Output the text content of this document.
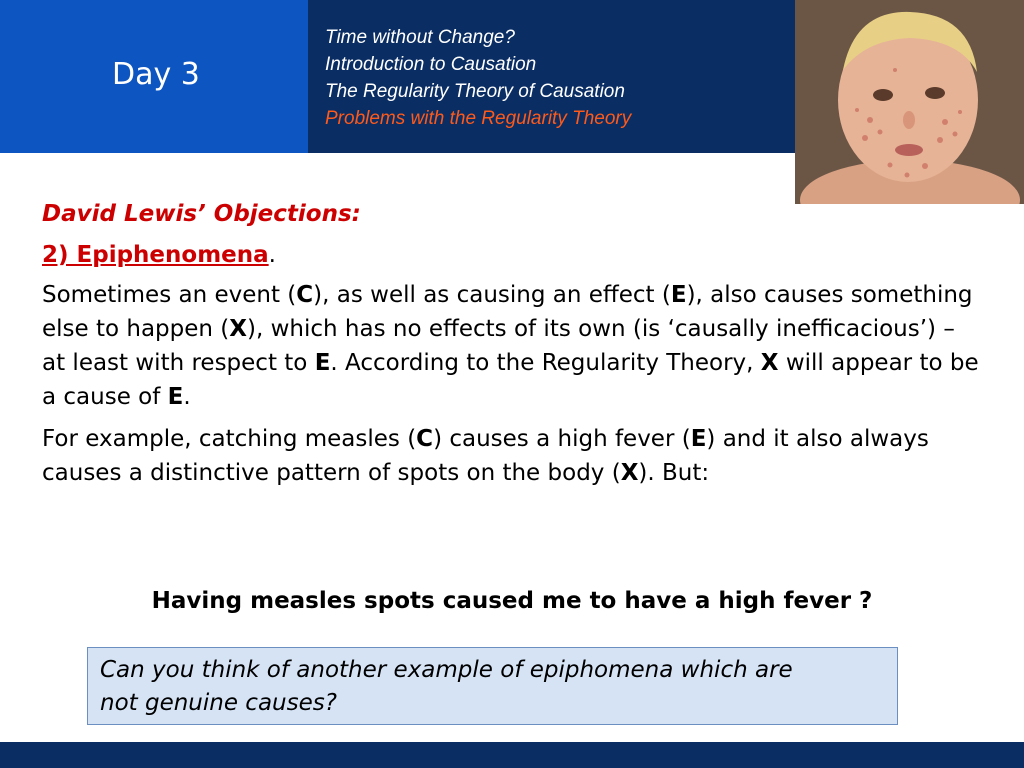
Day 3
Time without Change?
Introduction to Causation
The Regularity Theory of Causation
Problems with the Regularity Theory

David Lewis’ Objections:

2) Epiphenomena.

Sometimes an event (C), as well as causing an effect (E), also causes something else to happen (X), which has no effects of its own (is ‘causally inefficacious’) – at least with respect to E. According to the Regularity Theory, X will appear to be a cause of E.

For example, catching measles (C) causes a high fever (E) and it also always causes a distinctive pattern of spots on the body (X). But:

Having measles spots caused me to have a high fever ?

Can you think of another example of epiphomena which are not genuine causes?
